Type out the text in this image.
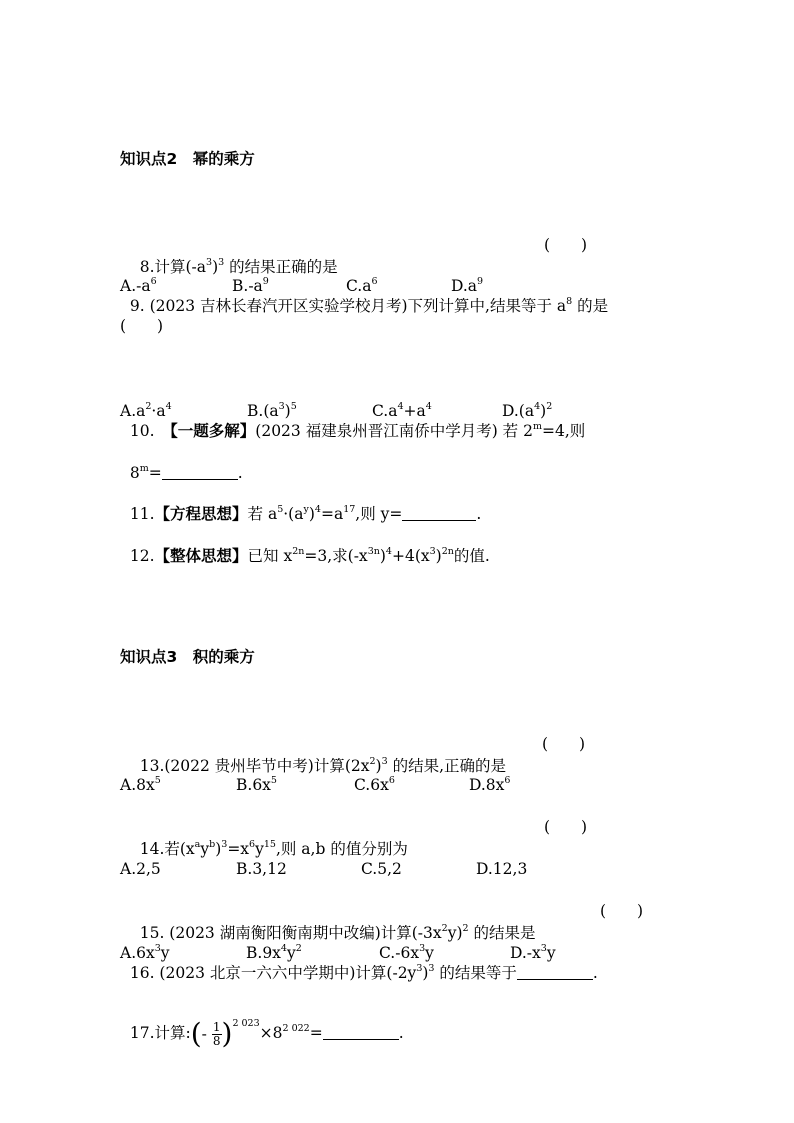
知识点2　幂的乘方

8.计算$(-a^3)^3$ 的结果正确的是

(　　)

$A.-a^6$

	$B.-a^9$

	$C.a^6$

	$D.a^9$

9. (2023 吉林长春汽开区实验学校月考)下列计算中,结果等于 $a^8$ 的是

(　　)

$A.a^2\cdot a^4$

	$B.(a^3)^5$

	$C.a^4+a^4$

	$D.(a^4)^2$

10.　【一题多解】(2023 福建泉州晋江南侨中学月考) 若 $2^m=4$,则

$8^m=$	.

11.【方程思想】若 $a^5\cdot(a^y)^4=a^{17}$,则 y=	.

12.【整体思想】已知 $x^{2n}=3$,求$(-x^{3n})^4+4(x^3)^{2n}$的值.

知识点3　积的乘方

13.(2022 贵州毕节中考)计算$(2x^2)^3$ 的结果,正确的是

(　　)

$A.8x^5$

	$B.6x^5$

	$C.6x^6$

	$D.8x^6$

14.若$(x^ay^b)^3=x^6y^{15}$,则 a,b 的值分别为

(　　)

A.2,5

	B.3,12

	C.5,2

	D.12,3

15. (2023 湖南衡阳衡南期中改编)计算$(-3x^2y)^2$ 的结果是

(　　)

$A.6x^3y$

	$B.9x^4y^2$

	$C.-6x^3y$

	$D.-x^3y$

16. (2023 北京一六六中学期中)计算$(-2y^3)^3$ 的结果等于	.

17.计算:(- $\frac{1}{8} )^{2 023}\times 8^{2 022}=$	.
